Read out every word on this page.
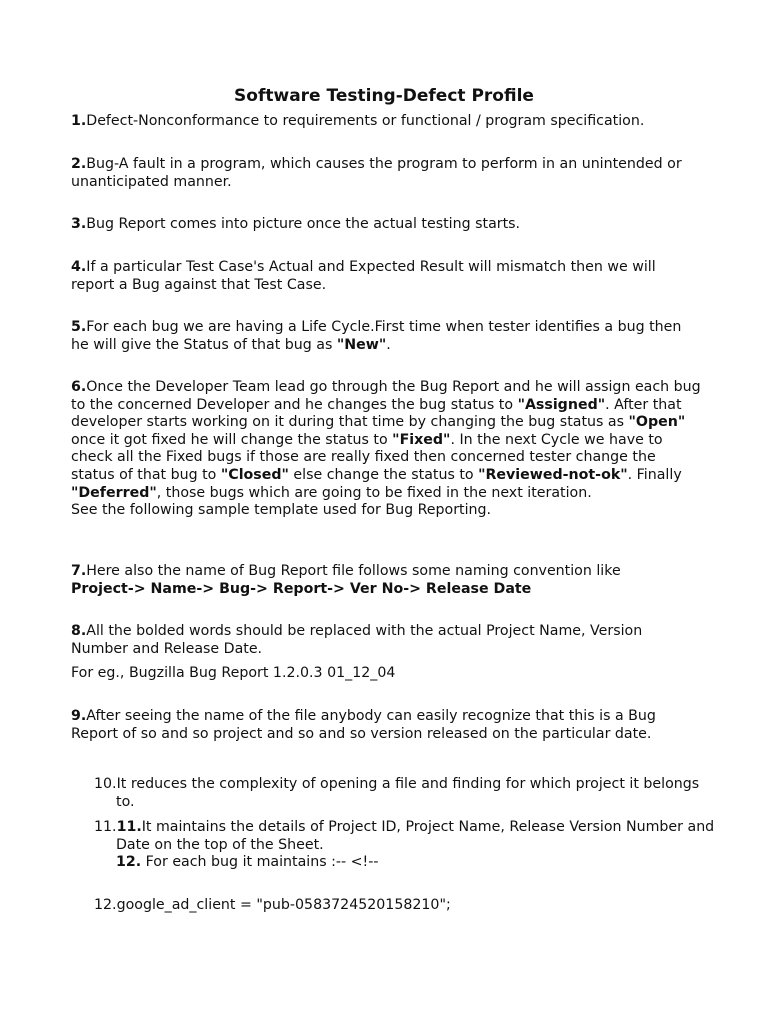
Software Testing-Defect Profile

1.Defect-Nonconformance to requirements or functional / program specification.

2.Bug-A fault in a program, which causes the program to perform in an unintended or unanticipated manner.

3.Bug Report comes into picture once the actual testing starts.

4.If a particular Test Case's Actual and Expected Result will mismatch then we will report a Bug against that Test Case.

5.For each bug we are having a Life Cycle.First time when tester identifies a bug then he will give the Status of that bug as "New".

6.Once the Developer Team lead go through the Bug Report and he will assign each bug to the concerned Developer and he changes the bug status to "Assigned". After that developer starts working on it during that time by changing the bug status as "Open" once it got fixed he will change the status to "Fixed". In the next Cycle we have to check all the Fixed bugs if those are really fixed then concerned tester change the status of that bug to "Closed" else change the status to "Reviewed-not-ok". Finally "Deferred", those bugs which are going to be fixed in the next iteration.
See the following sample template used for Bug Reporting.

7.Here also the name of Bug Report file follows some naming convention like
Project-> Name-> Bug-> Report-> Ver No-> Release Date

8.All the bolded words should be replaced with the actual Project Name, Version Number and Release Date.

For eg., Bugzilla Bug Report 1.2.0.3 01_12_04

9.After seeing the name of the file anybody can easily recognize that this is a Bug Report of so and so project and so and so version released on the particular date.

10.It reduces the complexity of opening a file and finding for which project it belongs to.

11.11.It maintains the details of Project ID, Project Name, Release Version Number and Date on the top of the Sheet.

12. For each bug it maintains :-- <!--

12.google_ad_client = "pub-0583724520158210";
